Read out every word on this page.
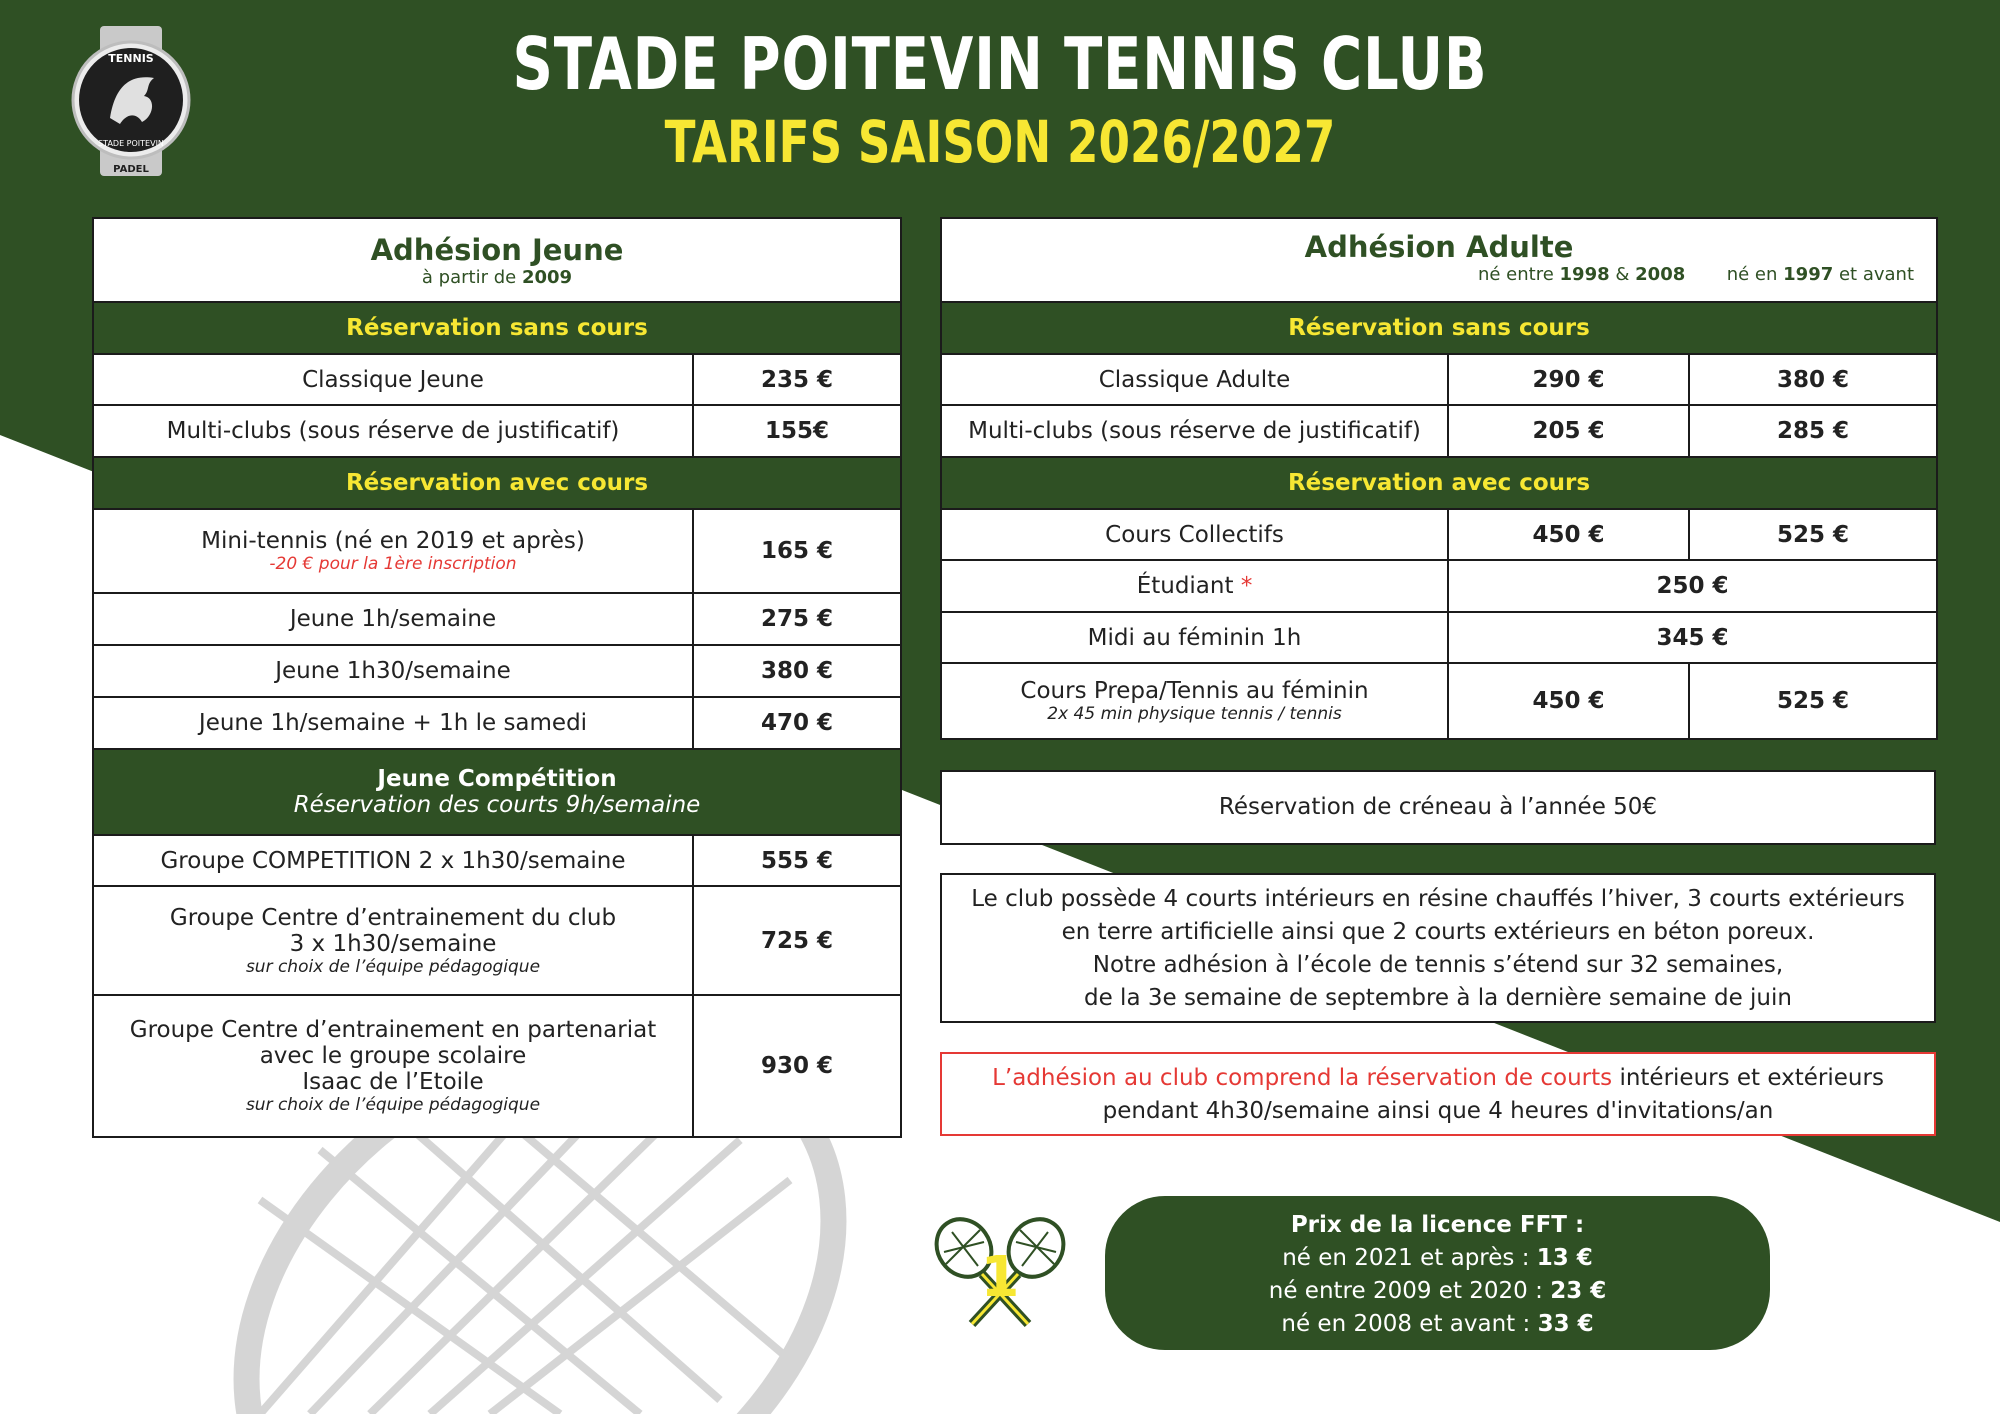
TENNIS
STADE POITEVIN
PADEL
STADE POITEVIN TENNIS CLUB
TARIFS SAISON 2026/2027
Adhésion Jeune
à partir de 2009	

Réservation sans cours	
Classique Jeune	235 €
Multi-clubs (sous réserve de justificatif)	155€
Réservation avec cours	

Mini-tennis (né en 2019 et après)
-20 € pour la 1ère inscription	165 €
Jeune 1h/semaine	275 €
Jeune 1h30/semaine	380 €
Jeune 1h/semaine + 1h le samedi	470 €

Jeune Compétition
Réservation des courts 9h/semaine	

Groupe COMPETITION 2 x 1h30/semaine	555 €

Groupe Centre d’entrainement du club
3 x 1h30/semaine
sur choix de l’équipe pédagogique	725 €

Groupe Centre d’entrainement en partenariat
avec le groupe scolaire
Isaac de l’Etoile
sur choix de l’équipe pédagogique	930 €
Adhésion Adulte
né entre 1998 & 2008 né en 1997 et avant		

Réservation sans cours		
Classique Adulte	290 €	380 €
Multi-clubs (sous réserve de justificatif)	205 €	285 €
Réservation avec cours		
Cours Collectifs	450 €	525 €
Étudiant *	250 €	
Midi au féminin 1h	345 €	

Cours Prepa/Tennis au féminin
2x 45 min physique tennis / tennis	450 €	525 €
Réservation de créneau à l’année 50€
Le club possède 4 courts intérieurs en résine chauffés l’hiver, 3 courts extérieurs
en terre artificielle ainsi que 2 courts extérieurs en béton poreux.
Notre adhésion à l’école de tennis s’étend sur 32 semaines,
de la 3e semaine de septembre à la dernière semaine de juin
L’adhésion au club comprend la réservation de courts intérieurs et extérieurs
pendant 4h30/semaine ainsi que 4 heures d'invitations/an
1
Prix de la licence FFT :
né en 2021 et après : 13 €
né entre 2009 et 2020 : 23 €
né en 2008 et avant : 33 €
